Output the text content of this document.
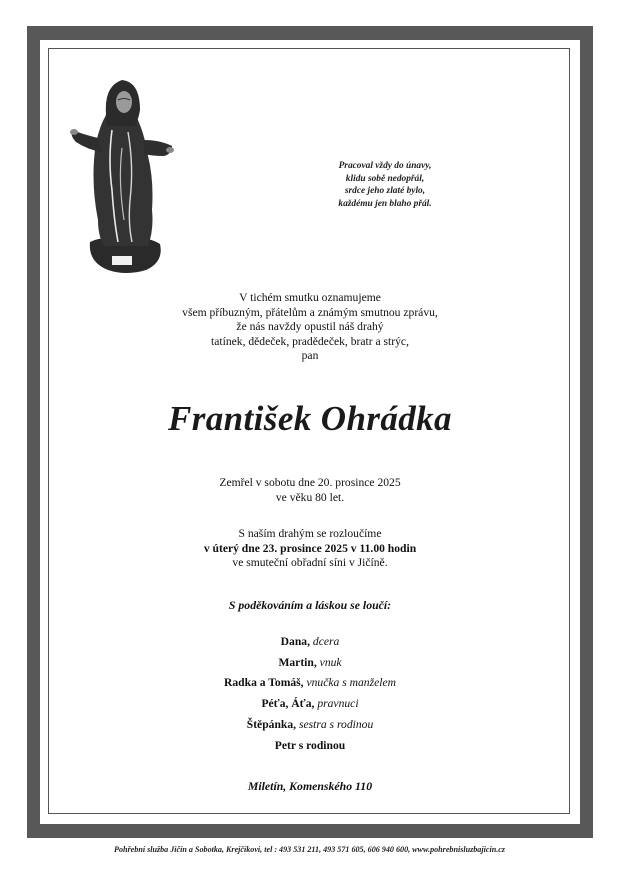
Pracoval vždy do únavy,
klidu sobě nedopřál,
srdce jeho zlaté bylo,
každému jen blaho přál.
V tichém smutku oznamujeme
všem příbuzným, přátelům a známým smutnou zprávu,
že nás navždy opustil náš drahý
tatínek, dědeček, pradědeček, bratr a strýc,
pan
František Ohrádka
Zemřel v sobotu dne 20. prosince 2025
ve věku 80 let.
S naším drahým se rozloučíme
v úterý dne 23. prosince 2025 v 11.00 hodin
ve smuteční obřadní síni v Jičíně.
S poděkováním a láskou se loučí:
Dana, dcera
Martin, vnuk
Radka a Tomáš, vnučka s manželem
Péťa, Áťa, pravnuci
Štěpánka, sestra s rodinou
Petr s rodinou
Miletín, Komenského 110
Pohřební služba Jičín a Sobotka, Krejčíkovi, tel : 493 531 211, 493 571 605, 606 940 600, www.pohrebnisluzbajicin.cz
